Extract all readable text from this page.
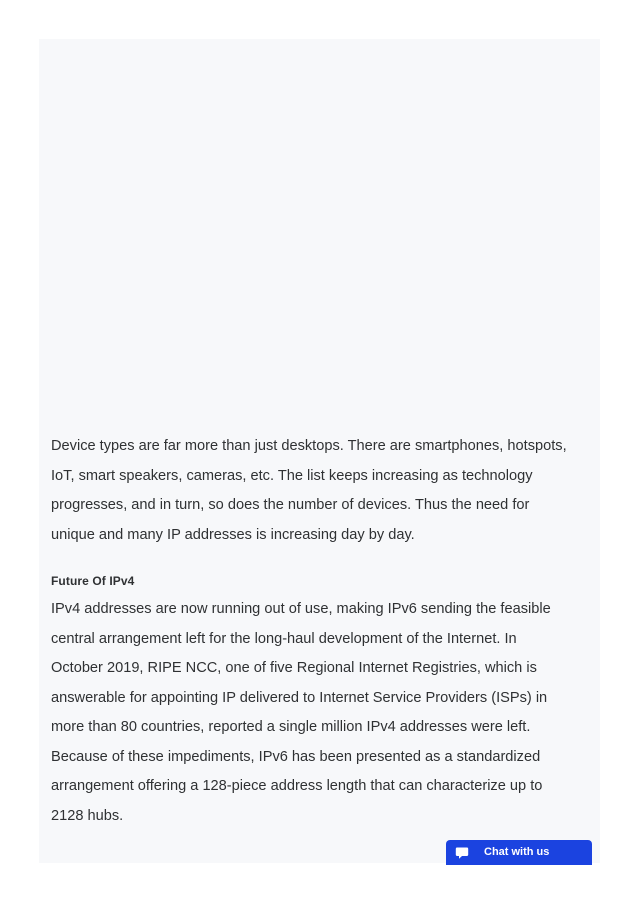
Device types are far more than just desktops. There are smartphones, hotspots, IoT, smart speakers, cameras, etc. The list keeps increasing as technology progresses, and in turn, so does the number of devices. Thus the need for unique and many IP addresses is increasing day by day.

Future Of IPv4

IPv4 addresses are now running out of use, making IPv6 sending the feasible central arrangement left for the long-haul development of the Internet. In October 2019, RIPE NCC, one of five Regional Internet Registries, which is answerable for appointing IP delivered to Internet Service Providers (ISPs) in more than 80 countries, reported a single million IPv4 addresses were left. Because of these impediments, IPv6 has been presented as a standardized arrangement offering a 128-piece address length that can characterize up to 2128 hubs.

Chat with us
